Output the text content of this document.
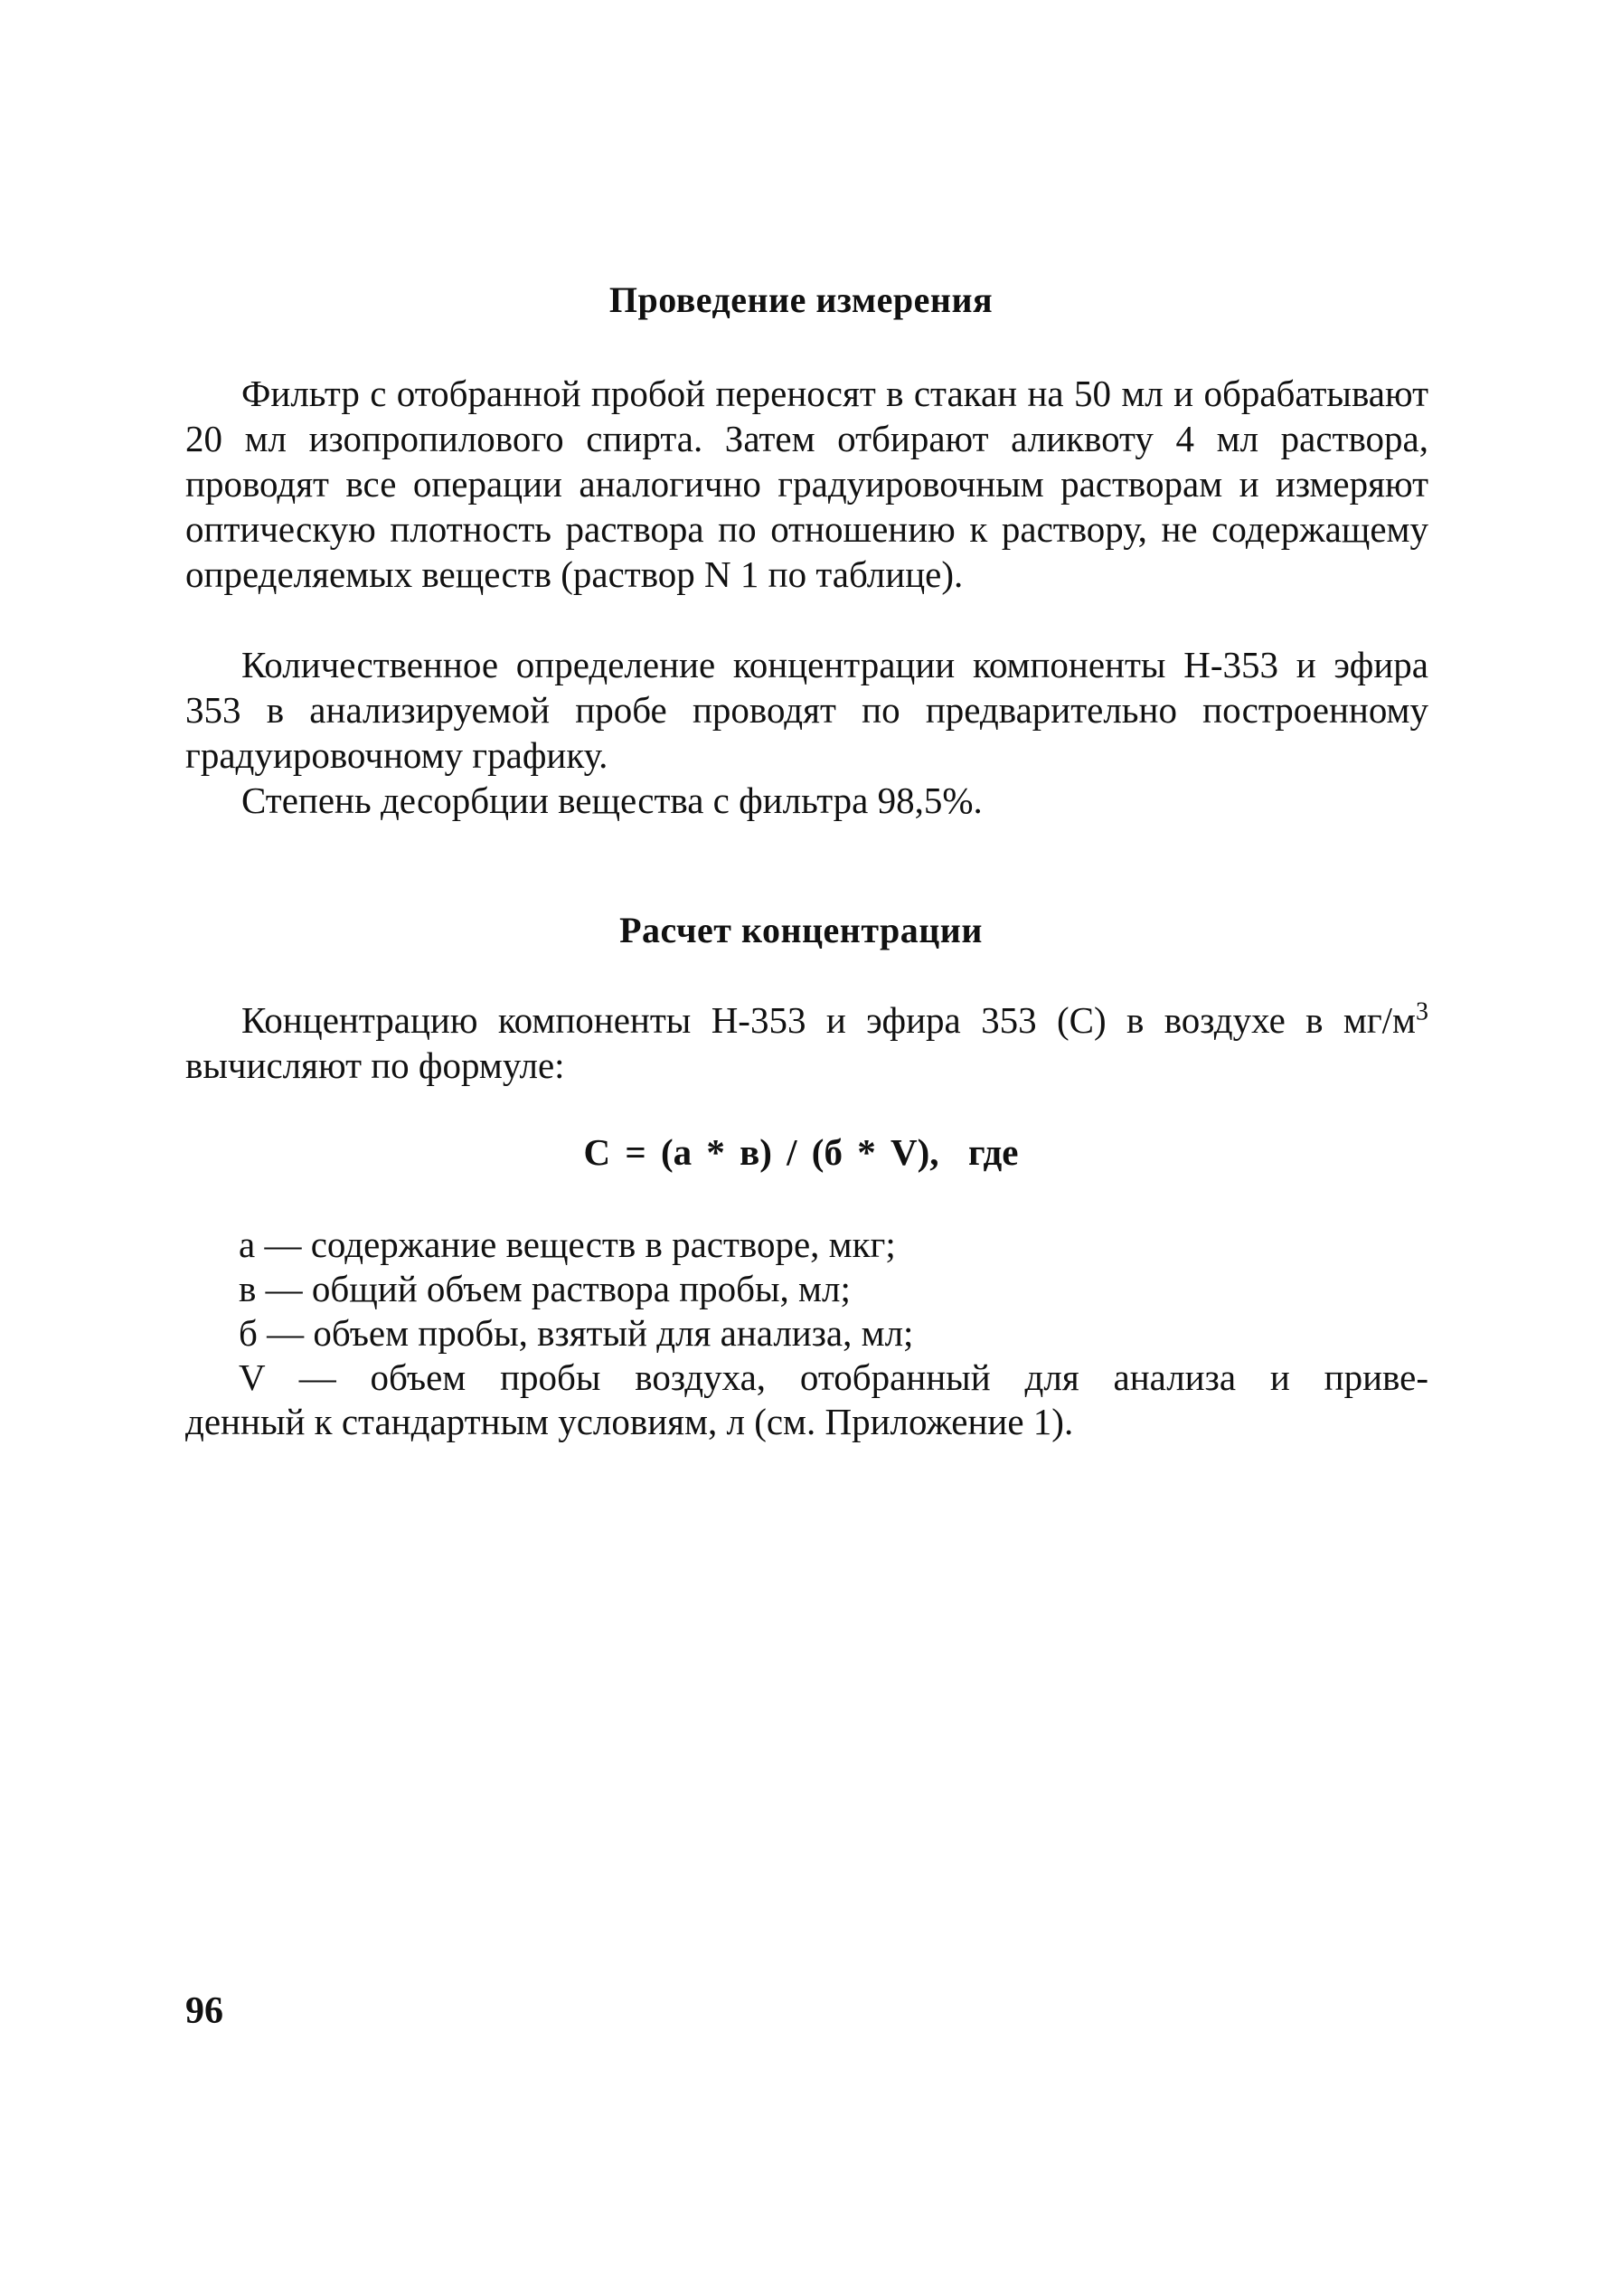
Проведение измерения
Фильтр с отобранной пробой переносят в стакан на 50 мл и обрабатывают 20 мл изопропилового спирта. Затем отбирают аликвоту 4 мл раствора, проводят все операции аналогично градуировочным растворам и измеряют оптическую плотность раствора по отношению к раствору, не содержащему определяемых веществ (раствор N 1 по таблице).
Количественное определение концентрации компоненты Н-353 и эфира 353 в анализируемой пробе проводят по предварительно построенному градуировочному графику.
Степень десорбции вещества с фильтра 98,5%.
Расчет концентрации
Концентрацию компоненты Н-353 и эфира 353 (С) в воздухе в $мг/м^3$ вычисляют по формуле:
С = (а * в) / (б * V),  где
а — содержание веществ в растворе, мкг;
в — общий объем раствора пробы, мл;
б — объем пробы, взятый для анализа, мл;
V — объем пробы воздуха, отобранный для анализа и приве-
денный к стандартным условиям, л (см. Приложение 1).
96
